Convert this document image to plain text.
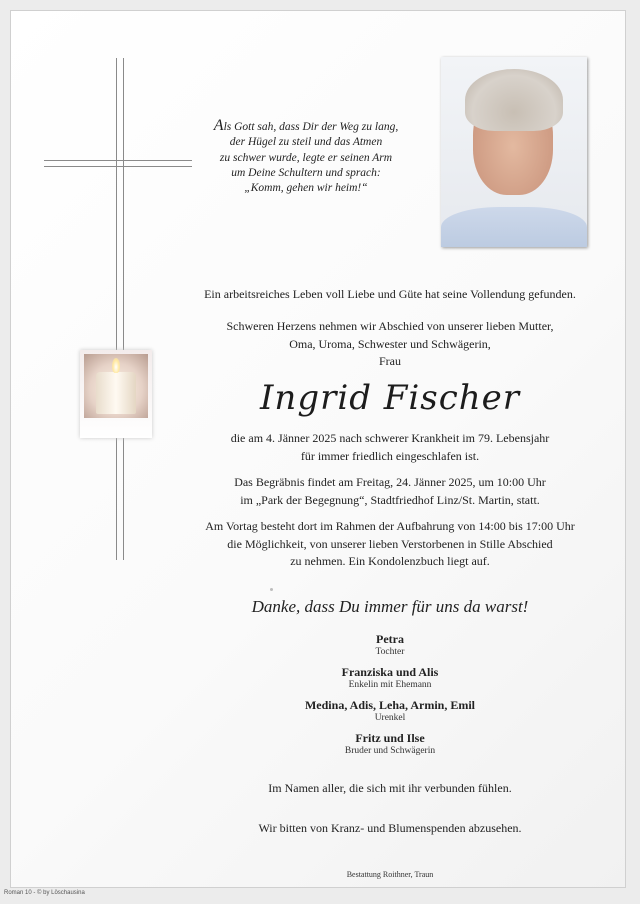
Als Gott sah, dass Dir der Weg zu lang,
der Hügel zu steil und das Atmen
zu schwer wurde, legte er seinen Arm
um Deine Schultern und sprach:
„Komm, gehen wir heim!“
Ein arbeitsreiches Leben voll Liebe und Güte hat seine Vollendung gefunden.
Schweren Herzens nehmen wir Abschied von unserer lieben Mutter,
Oma, Uroma, Schwester und Schwägerin,
Frau
Ingrid Fischer
die am 4. Jänner 2025 nach schwerer Krankheit im 79. Lebensjahr
für immer friedlich eingeschlafen ist.
Das Begräbnis findet am Freitag, 24. Jänner 2025, um 10:00 Uhr
im „Park der Begegnung“, Stadtfriedhof Linz/St. Martin, statt.
Am Vortag besteht dort im Rahmen der Aufbahrung von 14:00 bis 17:00 Uhr
die Möglichkeit, von unserer lieben Verstorbenen in Stille Abschied
zu nehmen. Ein Kondolenzbuch liegt auf.
Danke, dass Du immer für uns da warst!
Petra
Tochter
Franziska und Alis
Enkelin mit Ehemann
Medina, Adis, Leha, Armin, Emil
Urenkel
Fritz und Ilse
Bruder und Schwägerin
Im Namen aller, die sich mit ihr verbunden fühlen.
Wir bitten von Kranz- und Blumenspenden abzusehen.
Bestattung Roithner, Traun
Roman 10 - © by Löschausina
